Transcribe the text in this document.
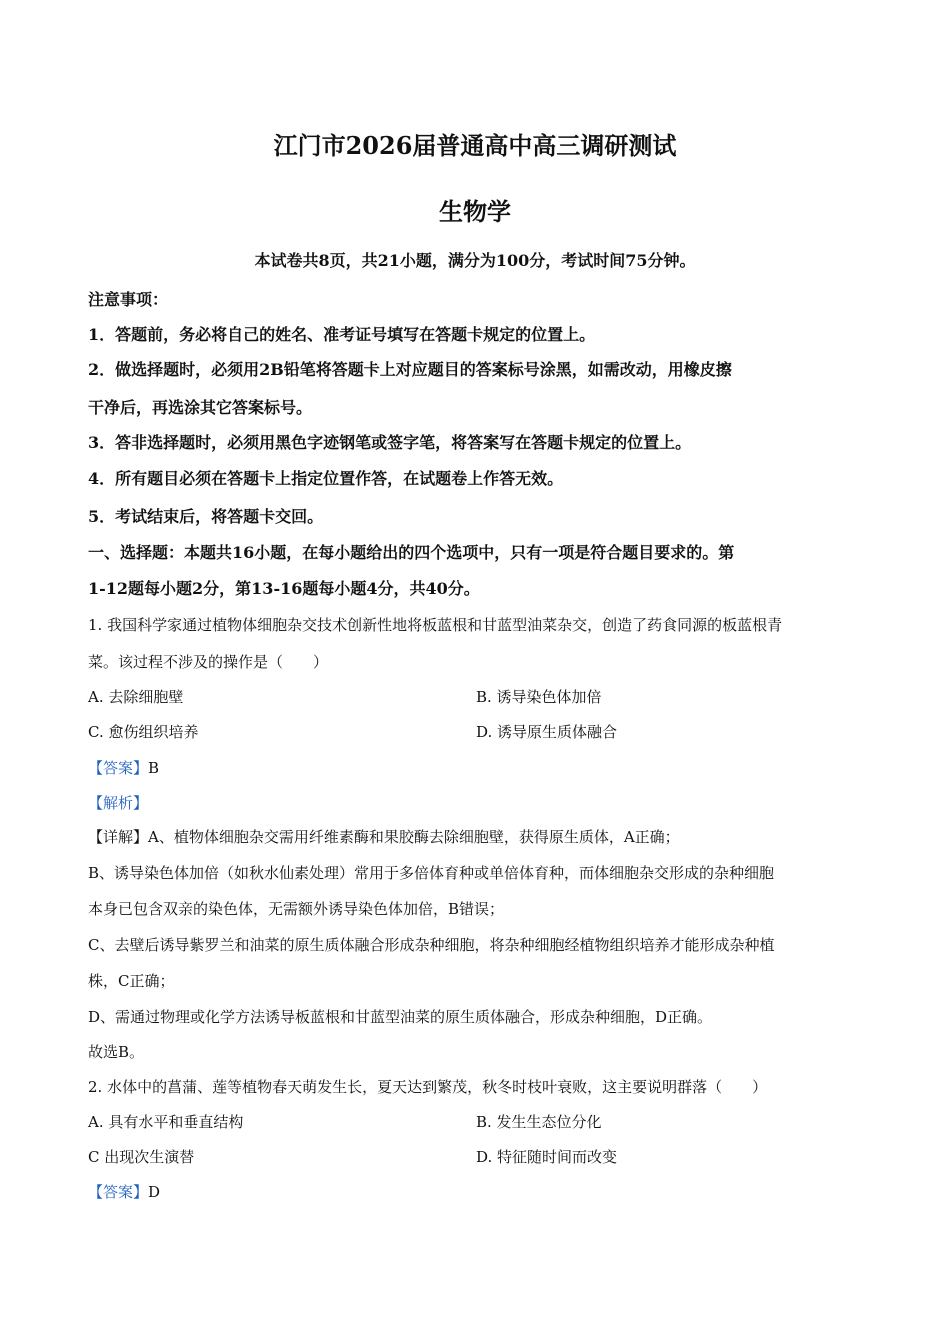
江门市2026届普通高中高三调研测试
生物学
本试卷共8页，共21小题，满分为100分，考试时间75分钟。
注意事项：
1．答题前，务必将自己的姓名、准考证号填写在答题卡规定的位置上。
2．做选择题时，必须用2B铅笔将答题卡上对应题目的答案标号涂黑，如需改动，用橡皮擦
干净后，再选涂其它答案标号。
3．答非选择题时，必须用黑色字迹钢笔或签字笔，将答案写在答题卡规定的位置上。
4．所有题目必须在答题卡上指定位置作答，在试题卷上作答无效。
5．考试结束后，将答题卡交回。
一、选择题：本题共16小题，在每小题给出的四个选项中，只有一项是符合题目要求的。第
1-12题每小题2分，第13-16题每小题4分，共40分。
1. 我国科学家通过植物体细胞杂交技术创新性地将板蓝根和甘蓝型油菜杂交，创造了药食同源的板蓝根青
菜。该过程不涉及的操作是（　　）
A. 去除细胞壁	B. 诱导染色体加倍
C. 愈伤组织培养	D. 诱导原生质体融合
【答案】B
【解析】
【详解】A、植物体细胞杂交需用纤维素酶和果胶酶去除细胞壁，获得原生质体，A正确；
B、诱导染色体加倍（如秋水仙素处理）常用于多倍体育种或单倍体育种，而体细胞杂交形成的杂种细胞
本身已包含双亲的染色体，无需额外诱导染色体加倍，B错误；
C、去壁后诱导紫罗兰和油菜的原生质体融合形成杂种细胞，将杂种细胞经植物组织培养才能形成杂种植
株，C正确；
D、需通过物理或化学方法诱导板蓝根和甘蓝型油菜的原生质体融合，形成杂种细胞，D正确。
故选B。
2. 水体中的菖蒲、莲等植物春天萌发生长，夏天达到繁茂，秋冬时枝叶衰败，这主要说明群落（　　）
A. 具有水平和垂直结构	B. 发生生态位分化
C 出现次生演替	D. 特征随时间而改变
【答案】D
